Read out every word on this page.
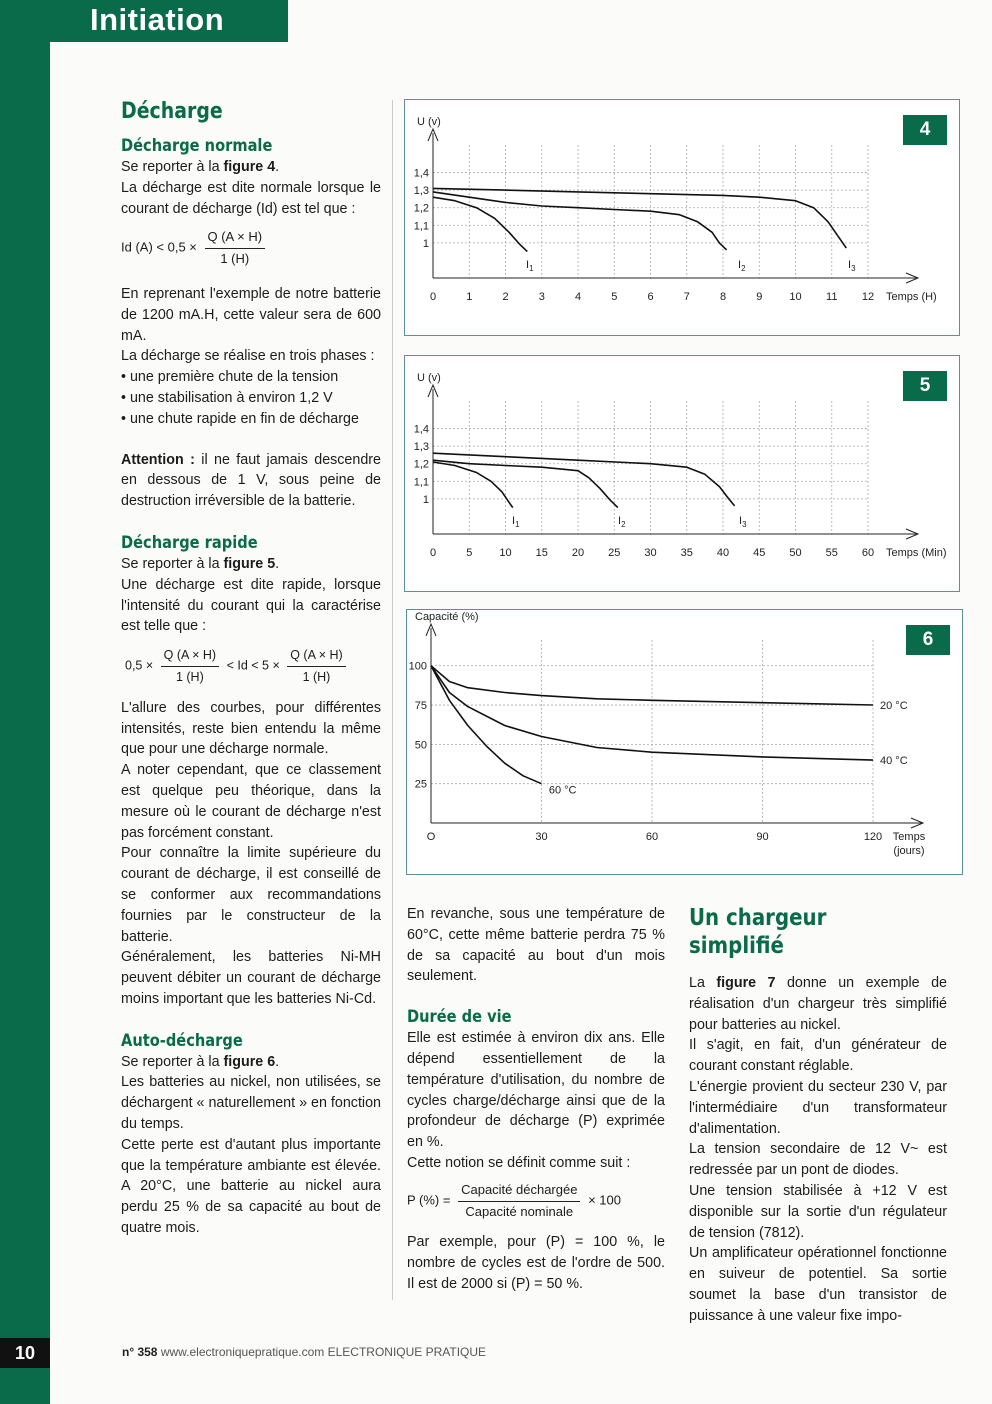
Initiation

Décharge

Décharge normale

Se reporter à la figure 4.

La décharge est dite normale lorsque le courant de décharge (Id) est tel que :

Id $(A) < 0,5 \times \frac{Q (A \times H)}{1 (H)}$

En reprenant l'exemple de notre batterie de 1200 mA.H, cette valeur sera de 600 mA.

La décharge se réalise en trois phases :

• une première chute de la tension

• une stabilisation à environ 1,2 V

• une chute rapide en fin de décharge

Attention : il ne faut jamais descendre en dessous de 1 V, sous peine de destruction irréversible de la batterie.

Décharge rapide

Se reporter à la figure 5.

Une décharge est dite rapide, lorsque l'intensité du courant qui la caractérise est telle que :

$0,5 \times \frac{Q (A \times H)}{1 (H)} < Id < 5 \times \frac{Q (A \times H)}{1 (H)}$

L'allure des courbes, pour différentes intensités, reste bien entendu la même que pour une décharge normale.

A noter cependant, que ce classement est quelque peu théorique, dans la mesure où le courant de décharge n'est pas forcément constant.

Pour connaître la limite supérieure du courant de décharge, il est conseillé de se conformer aux recommandations fournies par le constructeur de la batterie.

Généralement, les batteries Ni-MH peuvent débiter un courant de décharge moins important que les batteries Ni-Cd.

Auto-décharge

Se reporter à la figure 6.

Les batteries au nickel, non utilisées, se déchargent « naturellement » en fonction du temps.

Cette perte est d'autant plus importante que la température ambiante est élevée. A 20°C, une batterie au nickel aura perdu 25 % de sa capacité au bout de quatre mois.

4
U (v)
1,4
1,3
1,2
1,1
1
0	1	2	3	4	5	6	7	8	9 10 11 12 Temps (H)
$I_1$	$I_2$	$I_3$
5
U (v)
1,4
1,3
1,2
1,1
1
0	5 10 15 20 25 30 35 40 45 50 55 60 Temps (Min)
$I_1$	$I_2$	$I_3$
6
Capacité (%)
100
75
50
25
O	30	60	90	120 Temps
(jours)
20 °C
40 °C
60 °C

En revanche, sous une température de 60°C, cette même batterie perdra 75 % de sa capacité au bout d'un mois seulement.

Durée de vie

Elle est estimée à environ dix ans. Elle dépend essentiellement de la température d'utilisation, du nombre de cycles charge/décharge ainsi que de la profondeur de décharge (P) exprimée en %.

Cette notion se définit comme suit :

P (%) = $\frac{\text{Capacité déchargée}}{\text{Capacité nominale}} \times 100$

Par exemple, pour (P) = 100 %, le nombre de cycles est de l'ordre de 500. Il est de 2000 si (P) = 50 %.

Un chargeur simplifié

La figure 7 donne un exemple de réalisation d'un chargeur très simplifié pour batteries au nickel.

Il s'agit, en fait, d'un générateur de courant constant réglable.

L'énergie provient du secteur 230 V, par l'intermédiaire d'un transformateur d'alimentation.

La tension secondaire de 12 V~ est redressée par un pont de diodes.

Une tension stabilisée à +12 V est disponible sur la sortie d'un régulateur de tension (7812).

Un amplificateur opérationnel fonctionne en suiveur de potentiel. Sa sortie soumet la base d'un transistor de puissance à une valeur fixe impo-

10	n° 358 www.electroniquepratique.com ELECTRONIQUE PRATIQUE
